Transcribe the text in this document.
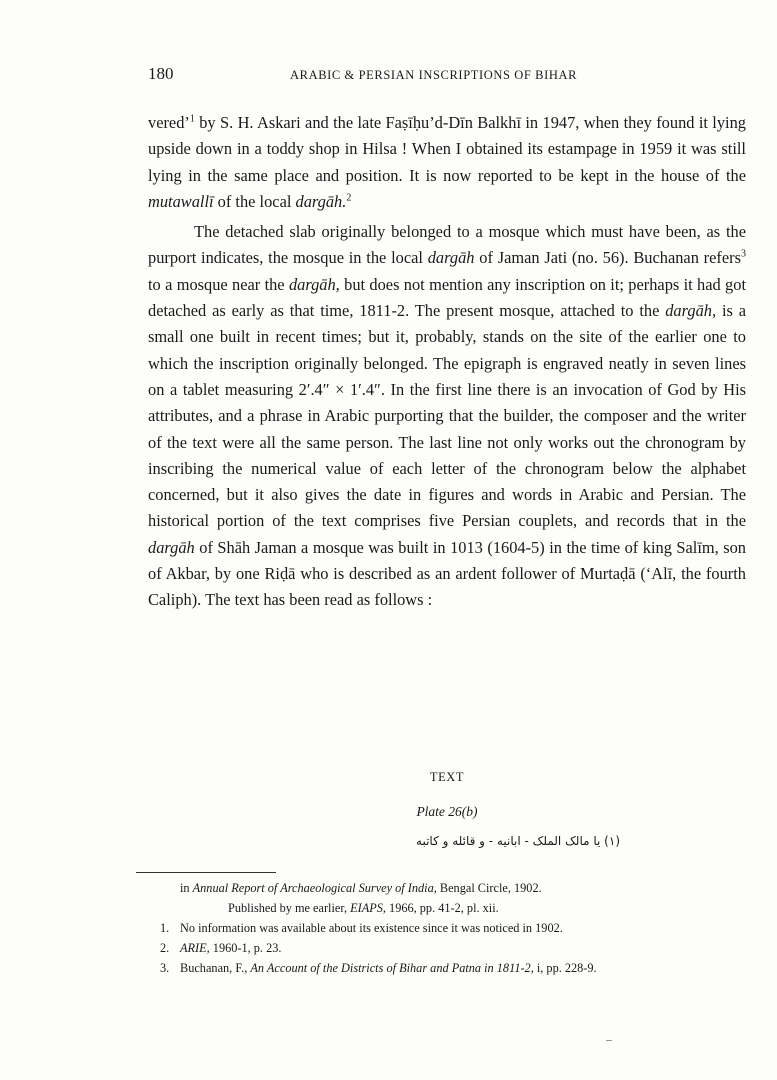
180	ARABIC & PERSIAN INSCRIPTIONS OF BIHAR

vered’$^1$ by S. H. Askari and the late Faṣīḥu’d-Dīn Balkhī in 1947, when they found it lying upside down in a toddy shop in Hilsa ! When I obtained its estampage in 1959 it was still lying in the same place and position. It is now reported to be kept in the house of the mutawallī of the local dargāh.$^2$

The detached slab originally belonged to a mosque which must have been, as the purport indicates, the mosque in the local dargāh of Jaman Jati (no. 56). Buchanan refers$^3$ to a mosque near the dargāh, but does not mention any inscription on it; perhaps it had got detached as early as that time, 1811-2. The present mosque, attached to the dargāh, is a small one built in recent times; but it, probably, stands on the site of the earlier one to which the inscription originally belonged. The epigraph is engraved neatly in seven lines on a tablet measuring 2′.4″ × 1′.4″. In the first line there is an invocation of God by His attributes, and a phrase in Arabic purporting that the builder, the composer and the writer of the text were all the same person. The last line not only works out the chronogram by inscribing the numerical value of each letter of the chronogram below the alphabet concerned, but it also gives the date in figures and words in Arabic and Persian. The historical portion of the text comprises five Persian couplets, and records that in the dargāh of Shāh Jaman a mosque was built in 1013 (1604-5) in the time of king Salīm, son of Akbar, by one Riḍā who is described as an ardent follower of Murtaḍā (‘Alī, the fourth Caliph). The text has been read as follows :

TEXT
Plate 26(b)
(۱) یا مالک الملک - ابانیه - و قائله و کاتبه
in Annual Report of Archaeological Survey of India, Bengal Circle, 1902.
Published by me earlier, EIAPS, 1966, pp. 41-2, pl. xii.
1. No information was available about its existence since it was noticed in 1902.
2. ARIE, 1960-1, p. 23.
3. Buchanan, F., An Account of the Districts of Bihar and Patna in 1811-2, i, pp. 228-9.
